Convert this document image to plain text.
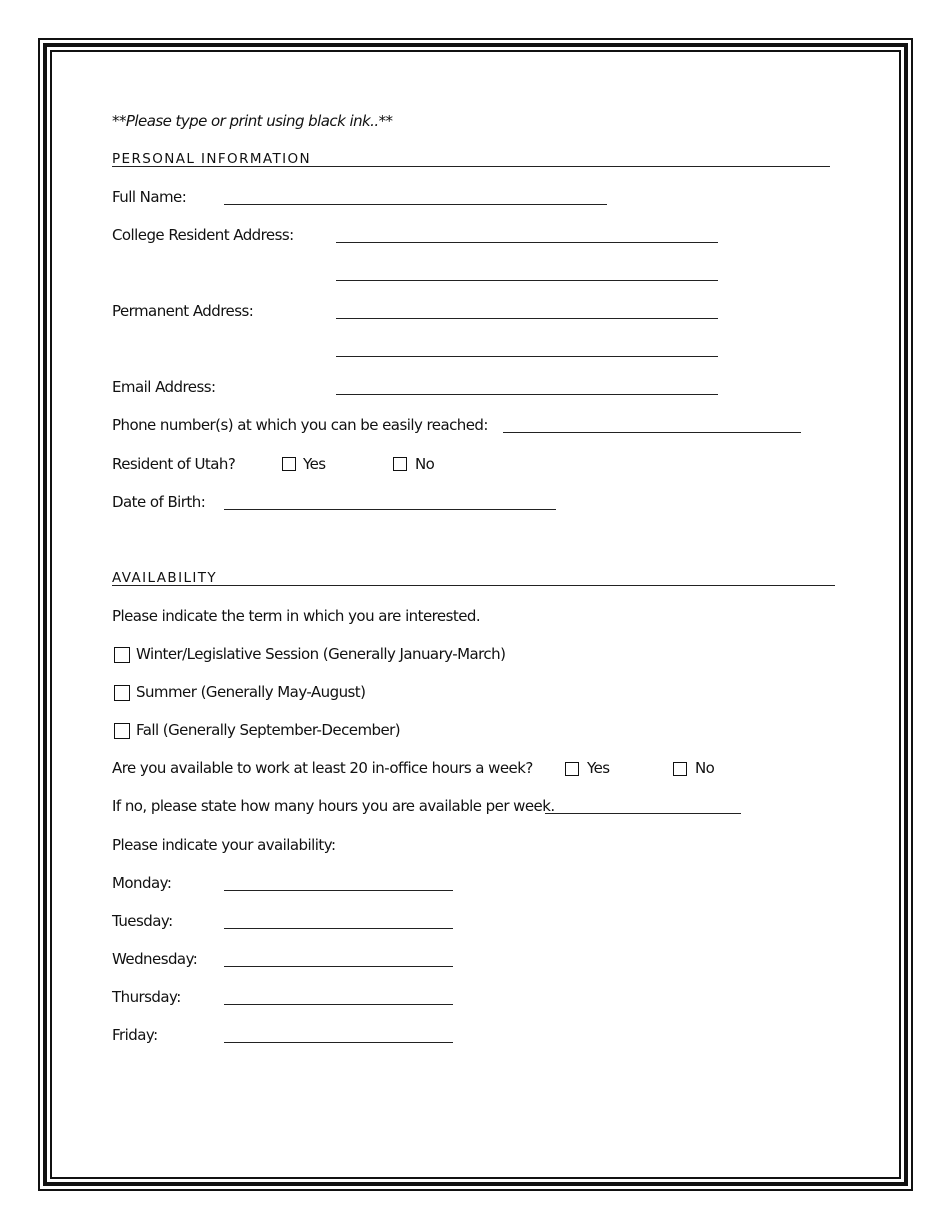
**Please type or print using black ink..**
PERSONAL INFORMATION
Full Name:
College Resident Address:
Permanent Address:
Email Address:
Phone number(s) at which you can be easily reached:
Resident of Utah?	Yes	No
Date of Birth:
AVAILABILITY
Please indicate the term in which you are interested.
Winter/Legislative Session (Generally January-March)
Summer (Generally May-August)
Fall (Generally September-December)
Are you available to work at least 20 in-office hours a week?	Yes	No
If no, please state how many hours you are available per week.
Please indicate your availability:
Monday:
Tuesday:
Wednesday:
Thursday:
Friday:
